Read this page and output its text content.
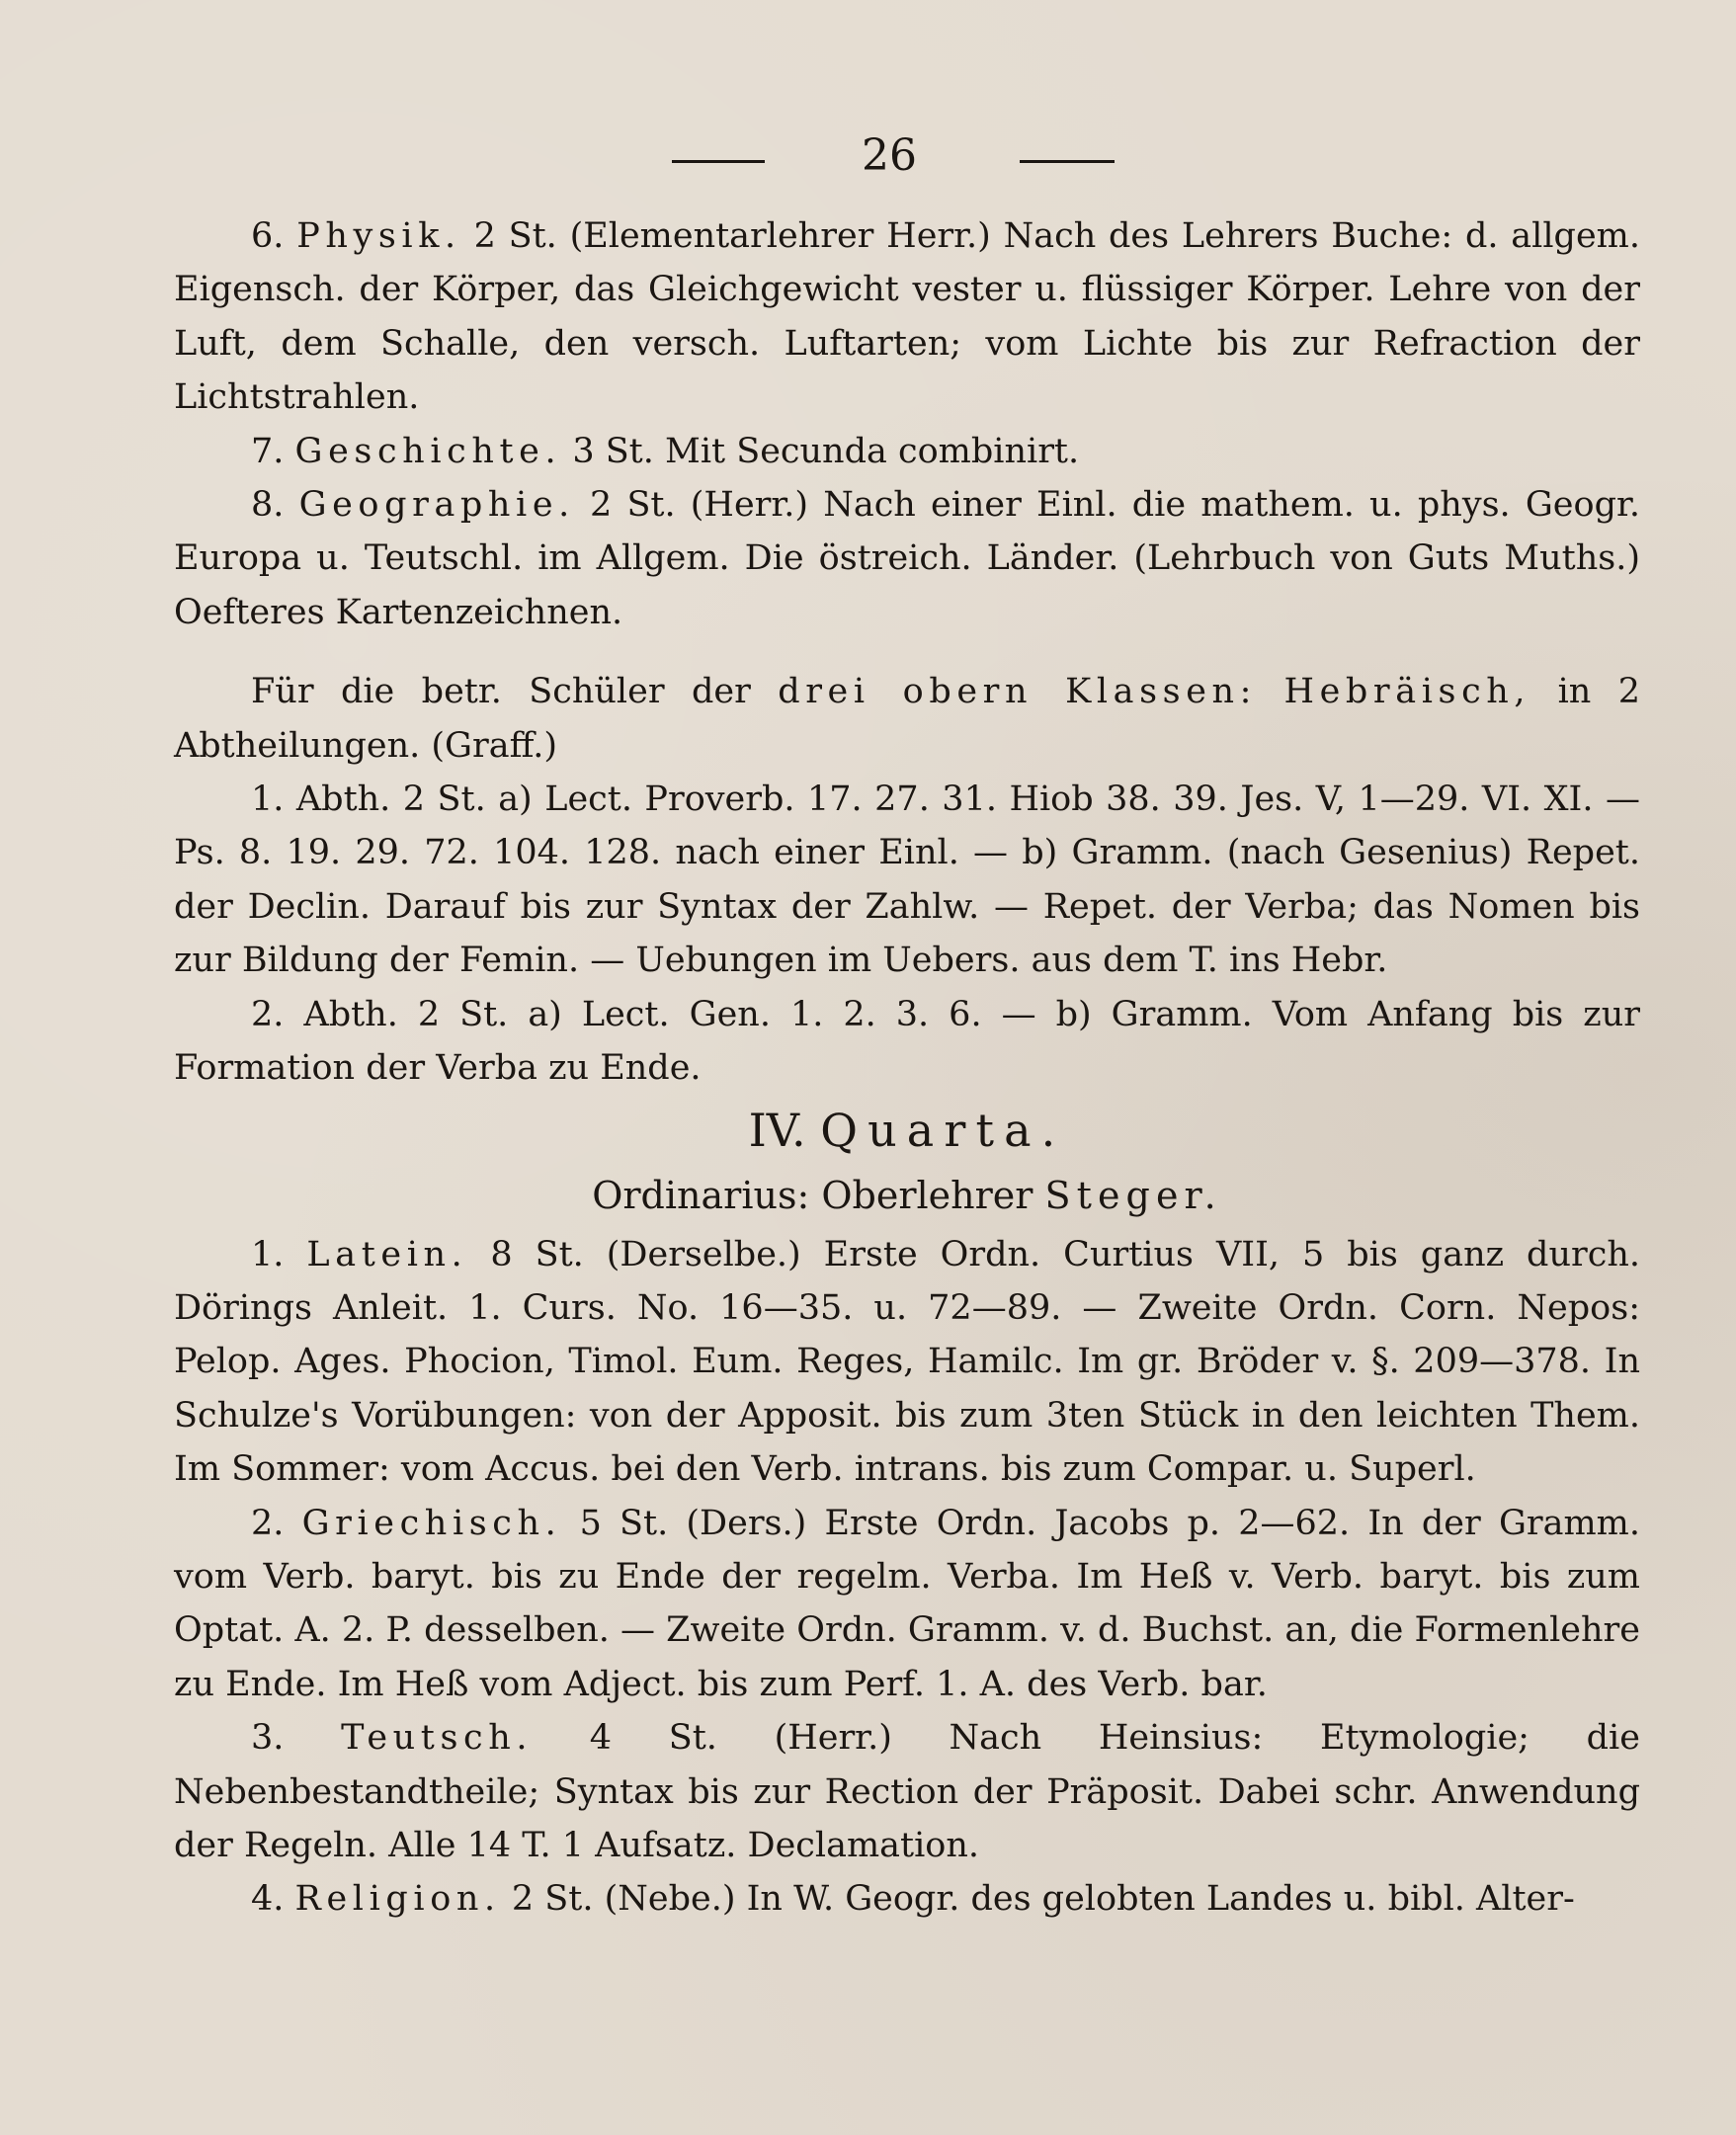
26

6. Physik. 2 St. (Elementarlehrer Herr.) Nach des Lehrers Buche: d. allgem. Eigensch. der Körper, das Gleichgewicht vester u. flüssiger Körper. Lehre von der Luft, dem Schalle, den versch. Luftarten; vom Lichte bis zur Refraction der Lichtstrahlen.

7. Geschichte. 3 St. Mit Secunda combinirt.

8. Geographie. 2 St. (Herr.) Nach einer Einl. die mathem. u. phys. Geogr. Europa u. Teutschl. im Allgem. Die östreich. Länder. (Lehrbuch von Guts Muths.) Oefteres Kartenzeichnen.

Für die betr. Schüler der drei obern Klassen: Hebräisch, in 2 Abtheilungen. (Graff.)

1. Abth. 2 St. a) Lect. Proverb. 17. 27. 31. Hiob 38. 39. Jes. V, 1—29. VI. XI. — Ps. 8. 19. 29. 72. 104. 128. nach einer Einl. — b) Gramm. (nach Gesenius) Repet. der Declin. Darauf bis zur Syntax der Zahlw. — Repet. der Verba; das Nomen bis zur Bildung der Femin. — Uebungen im Uebers. aus dem T. ins Hebr.

2. Abth. 2 St. a) Lect. Gen. 1. 2. 3. 6. — b) Gramm. Vom Anfang bis zur Formation der Verba zu Ende.

IV. Quarta.
Ordinarius: Oberlehrer Steger.

1. Latein. 8 St. (Derselbe.) Erste Ordn. Curtius VII, 5 bis ganz durch. Dörings Anleit. 1. Curs. No. 16—35. u. 72—89. — Zweite Ordn. Corn. Nepos: Pelop. Ages. Phocion, Timol. Eum. Reges, Hamilc. Im gr. Bröder v. §. 209—378. In Schulze's Vorübungen: von der Apposit. bis zum 3ten Stück in den leichten Them. Im Sommer: vom Accus. bei den Verb. intrans. bis zum Compar. u. Superl.

2. Griechisch. 5 St. (Ders.) Erste Ordn. Jacobs p. 2—62. In der Gramm. vom Verb. baryt. bis zu Ende der regelm. Verba. Im Heß v. Verb. baryt. bis zum Optat. A. 2. P. desselben. — Zweite Ordn. Gramm. v. d. Buchst. an, die Formenlehre zu Ende. Im Heß vom Adject. bis zum Perf. 1. A. des Verb. bar.

3. Teutsch. 4 St. (Herr.) Nach Heinsius: Etymologie; die Nebenbestandtheile; Syntax bis zur Rection der Präposit. Dabei schr. Anwendung der Regeln. Alle 14 T. 1 Aufsatz. Declamation.

4. Religion. 2 St. (Nebe.) In W. Geogr. des gelobten Landes u. bibl. Alter-
